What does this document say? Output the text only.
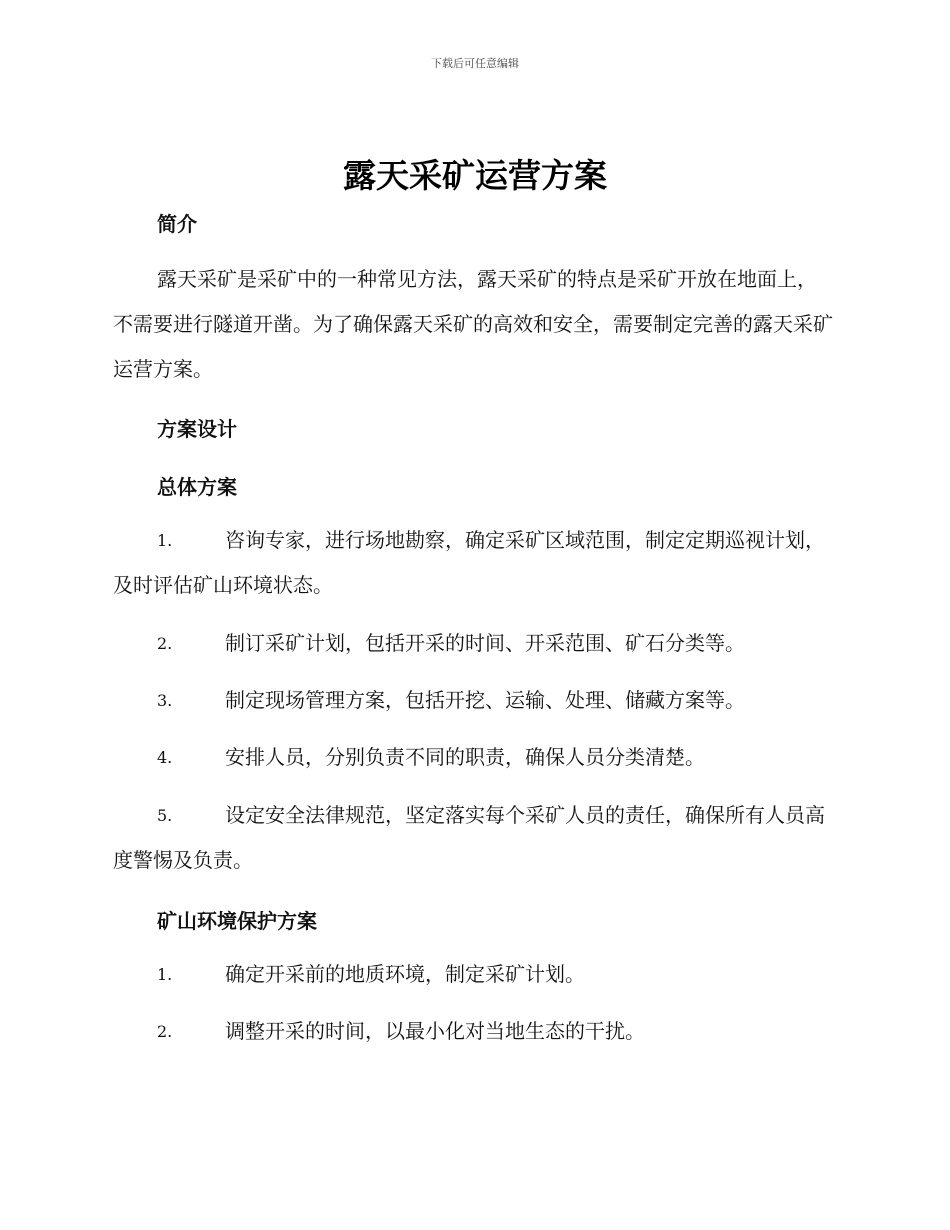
下载后可任意编辑
露天采矿运营方案
简介
露天采矿是采矿中的一种常见方法，露天采矿的特点是采矿开放在地面上，不需要进行隧道开凿。为了确保露天采矿的高效和安全，需要制定完善的露天采矿运营方案。
方案设计
总体方案
1.	咨询专家，进行场地勘察，确定采矿区域范围，制定定期巡视计划，及时评估矿山环境状态。
2.	制订采矿计划，包括开采的时间、开采范围、矿石分类等。
3.	制定现场管理方案，包括开挖、运输、处理、储藏方案等。
4.	安排人员，分别负责不同的职责，确保人员分类清楚。
5.	设定安全法律规范，坚定落实每个采矿人员的责任，确保所有人员高度警惕及负责。
矿山环境保护方案
1.	确定开采前的地质环境，制定采矿计划。
2.	调整开采的时间，以最小化对当地生态的干扰。
